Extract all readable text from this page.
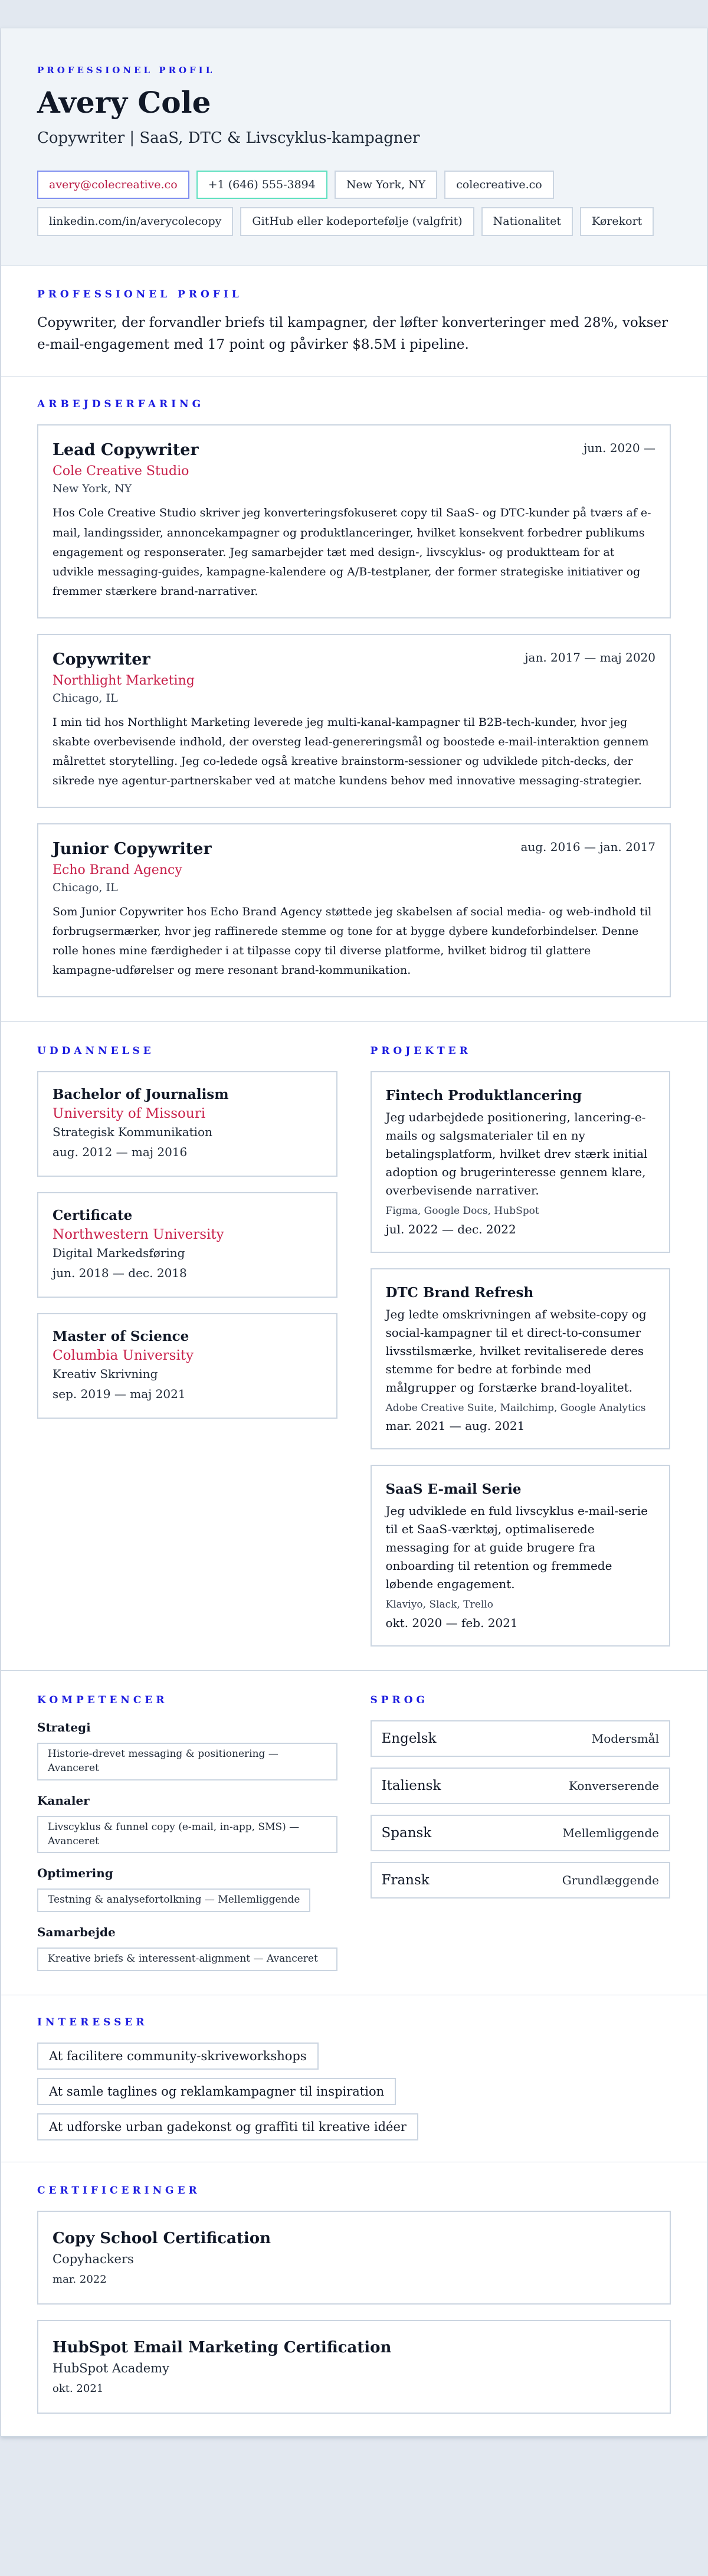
PROFESSIONEL PROFIL
Avery Cole
Copywriter | SaaS, DTC & Livscyklus-kampagner
avery@colecreative.co	+1 (646) 555-3894	New York, NY	colecreative.co
linkedin.com/in/averycolecopy	GitHub eller kodeportefølje (valgfrit)	Nationalitet	Kørekort
PROFESSIONEL PROFIL

Copywriter, der forvandler briefs til kampagner, der løfter konverteringer med 28%, vokser e-mail-engagement med 17 point og påvirker $8.5M i pipeline.

ARBEJDSERFARING
Lead Copywriter	jun. 2020 —
Cole Creative Studio
New York, NY

Hos Cole Creative Studio skriver jeg konverteringsfokuseret copy til SaaS- og DTC-kunder på tværs af e-mail, landingssider, annoncekampagner og produktlanceringer, hvilket konsekvent forbedrer publikums engagement og responserater. Jeg samarbejder tæt med design-, livscyklus- og produktteam for at udvikle messaging-guides, kampagne-kalendere og A/B-testplaner, der former strategiske initiativer og fremmer stærkere brand-narrativer.

Copywriter	jan. 2017 — maj 2020
Northlight Marketing
Chicago, IL

I min tid hos Northlight Marketing leverede jeg multi-kanal-kampagner til B2B-tech-kunder, hvor jeg skabte overbevisende indhold, der oversteg lead-genereringsmål og boostede e-mail-interaktion gennem målrettet storytelling. Jeg co-ledede også kreative brainstorm-sessioner og udviklede pitch-decks, der sikrede nye agentur-partnerskaber ved at matche kundens behov med innovative messaging-strategier.

Junior Copywriter	aug. 2016 — jan. 2017
Echo Brand Agency
Chicago, IL

Som Junior Copywriter hos Echo Brand Agency støttede jeg skabelsen af social media- og web-indhold til forbrugsermærker, hvor jeg raffinerede stemme og tone for at bygge dybere kundeforbindelser. Denne rolle hones mine færdigheder i at tilpasse copy til diverse platforme, hvilket bidrog til glattere kampagne-udførelser og mere resonant brand-kommunikation.

UDDANNELSE
Bachelor of Journalism
University of Missouri
Strategisk Kommunikation
aug. 2012 — maj 2016
Certificate
Northwestern University
Digital Markedsføring
jun. 2018 — dec. 2018
Master of Science
Columbia University
Kreativ Skrivning
sep. 2019 — maj 2021
PROJEKTER
Fintech Produktlancering

Jeg udarbejdede positionering, lancering-e-mails og salgsmaterialer til en ny betalingsplatform, hvilket drev stærk initial adoption og brugerinteresse gennem klare, overbevisende narrativer.

Figma, Google Docs, HubSpot
jul. 2022 — dec. 2022
DTC Brand Refresh

Jeg ledte omskrivningen af website-copy og social-kampagner til et direct-to-consumer livsstilsmærke, hvilket revitaliserede deres stemme for bedre at forbinde med målgrupper og forstærke brand-loyalitet.

Adobe Creative Suite, Mailchimp, Google Analytics
mar. 2021 — aug. 2021
SaaS E-mail Serie

Jeg udviklede en fuld livscyklus e-mail-serie til et SaaS-værktøj, optimaliserede messaging for at guide brugere fra onboarding til retention og fremmede løbende engagement.

Klaviyo, Slack, Trello
okt. 2020 — feb. 2021
KOMPETENCER
Strategi
Historie-drevet messaging & positionering — Avanceret
Kanaler
Livscyklus & funnel copy (e-mail, in-app, SMS) — Avanceret
Optimering
Testning & analysefortolkning — Mellemliggende
Samarbejde
Kreative briefs & interessent-alignment — Avanceret
SPROG
Engelsk	Modersmål
Italiensk	Konverserende
Spansk	Mellemliggende
Fransk	Grundlæggende
INTERESSER
At facilitere community-skriveworkshops
At samle taglines og reklamkampagner til inspiration
At udforske urban gadekonst og graffiti til kreative idéer
CERTIFICERINGER
Copy School Certification
Copyhackers
mar. 2022
HubSpot Email Marketing Certification
HubSpot Academy
okt. 2021
